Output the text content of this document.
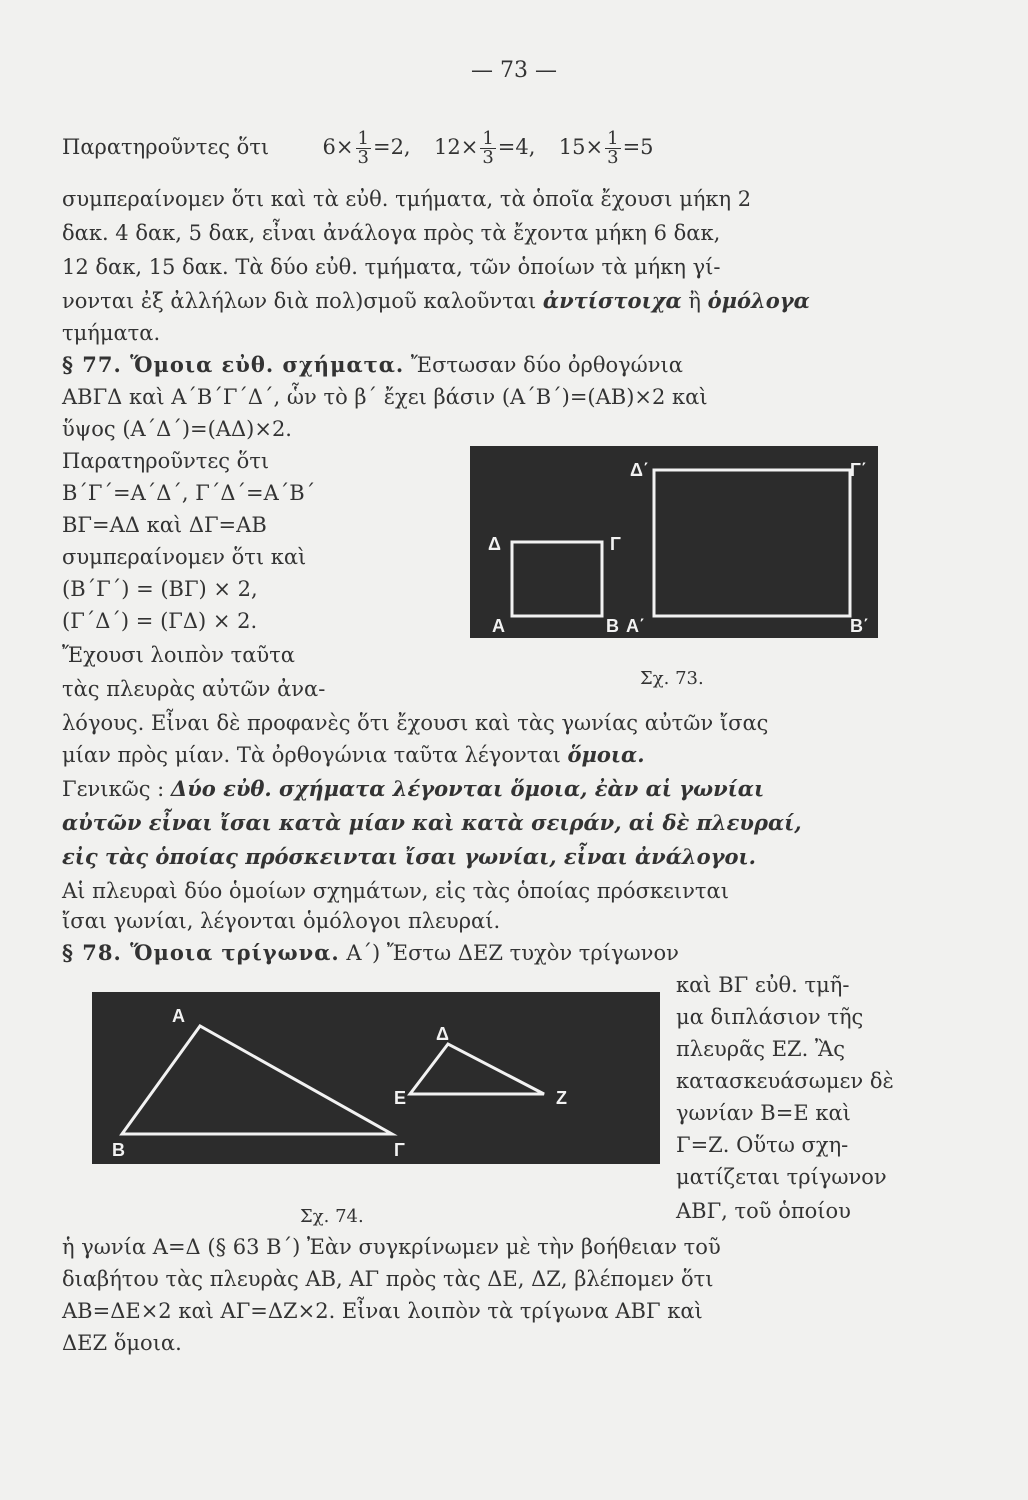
— 73 —
Παρατηροῦντες ὅτι	$6\times \frac{1}{3} =2$, $12\times \frac{1}{3} =4$, $15\times \frac{1}{3} =5$
συμπεραίνομεν ὅτι καὶ τὰ εὐθ. τμήματα, τὰ ὁποῖα ἔχουσι μήκη 2
δακ. 4 δακ, 5 δακ, εἶναι ἀνάλογα πρὸς τὰ ἔχοντα μήκη 6 δακ,
12 δακ, 15 δακ. Τὰ δύο εὐθ. τμήματα, τῶν ὁποίων τὰ μήκη γί-
νονται ἐξ ἀλλήλων διὰ πολ)σμοῦ καλοῦνται ἀντίστοιχα ἢ ὁμόλογα
τμήματα.
§ 77. Ὅμοια εὐθ. σχήματα. Ἔστωσαν δύο ὀρθογώνια
ΑΒΓΔ καὶ Α΄Β΄Γ΄Δ΄, ὧν τὸ β΄ ἔχει βάσιν (Α΄Β΄)=(ΑΒ)×2 καὶ
ὕψος (Α΄Δ΄)=(ΑΔ)×2.
Παρατηροῦντες ὅτι
Β΄Γ΄=Α΄Δ΄, Γ΄Δ΄=Α΄Β΄
ΒΓ=ΑΔ καὶ ΔΓ=ΑΒ
συμπεραίνομεν ὅτι καὶ
(Β΄Γ΄) = (ΒΓ) × 2,
(Γ΄Δ΄) = (ΓΔ) × 2.
Ἔχουσι λοιπὸν ταῦτα
τὰς πλευρὰς αὐτῶν ἀνα-
Δ	Γ
Α	Β Α΄
Δ΄	Γ΄
Β΄
Σχ. 73.
λόγους. Εἶναι δὲ προφανὲς ὅτι ἔχουσι καὶ τὰς γωνίας αὐτῶν ἴσας
μίαν πρὸς μίαν. Τὰ ὀρθογώνια ταῦτα λέγονται ὅμοια.
Γενικῶς : Δύο εὐθ. σχήματα λέγονται ὅμοια, ἐὰν αἱ γωνίαι
αὐτῶν εἶναι ἴσαι κατὰ μίαν καὶ κατὰ σειράν, αἱ δὲ πλευραί,
εἰς τὰς ὁποίας πρόσκεινται ἴσαι γωνίαι, εἶναι ἀνάλογοι.
Αἱ πλευραὶ δύο ὁμοίων σχημάτων, εἰς τὰς ὁποίας πρόσκεινται
ἴσαι γωνίαι, λέγονται ὁμόλογοι πλευραί.
§ 78. Ὅμοια τρίγωνα. Α΄) Ἔστω ΔΕΖ τυχὸν τρίγωνον
Α
Β	Γ
Δ
Ε	Ζ
Σχ. 74.
καὶ ΒΓ εὐθ. τμῆ-
μα διπλάσιον τῆς
πλευρᾶς ΕΖ. Ἂς
κατασκευάσωμεν δὲ
γωνίαν Β=Ε καὶ
Γ=Ζ. Οὕτω σχη-
ματίζεται τρίγωνον
ΑΒΓ, τοῦ ὁποίου
ἡ γωνία Α=Δ (§ 63 Β΄) Ἐὰν συγκρίνωμεν μὲ τὴν βοήθειαν τοῦ
διαβήτου τὰς πλευρὰς ΑΒ, ΑΓ πρὸς τὰς ΔΕ, ΔΖ, βλέπομεν ὅτι
ΑΒ=ΔΕ×2 καὶ ΑΓ=ΔΖ×2. Εἶναι λοιπὸν τὰ τρίγωνα ΑΒΓ καὶ
ΔΕΖ ὅμοια.
